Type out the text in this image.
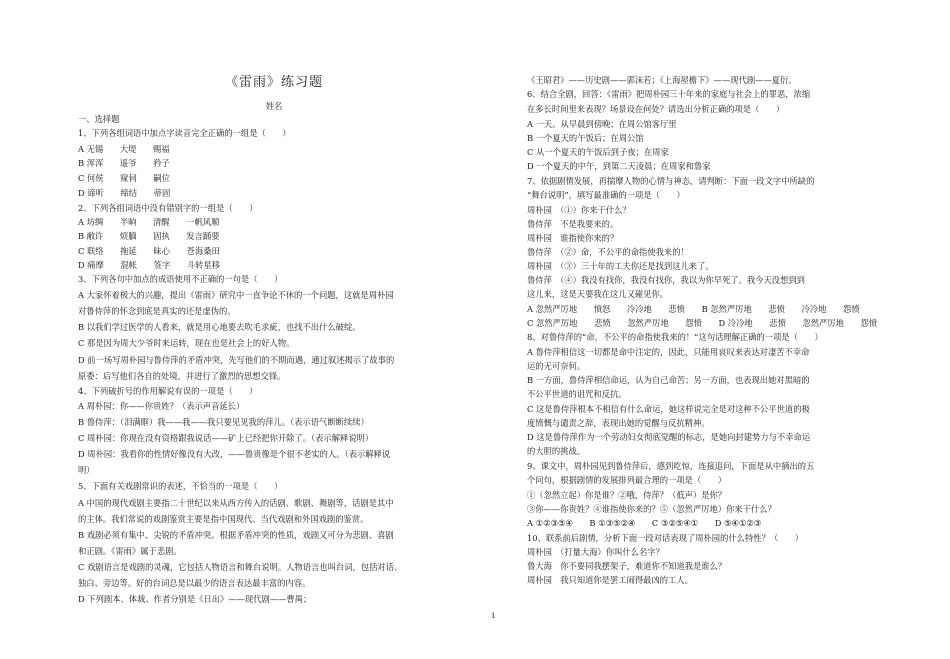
《雷雨》练习题
姓名
一、选择题
1、下列各组词语中加点字读音完全正确的一组是（　　）
A 无锡　　大堤　　赐福
B 浑浑　　遥爷　　矜子
C 何侯　　窥伺　　嗣位
D 谛听　　缔结　　蒂固
2、下列各组词语中没有错别字的一组是（　　）
A 坊绸　　半晌　　清醒　　一帆风顺
B 敝许　　烦腼　　固执　　发言踊要
C 联络　　拖延　　昧心　　苍海桑田
D 痛摩　　混帐　　签字　　斗转星移
3、下列各句中加点的成语使用不正确的一句是（　　）
A 大家怀着极大的兴趣，提出《雷雨》研究中一直争论不休的一个问题，这就是周朴园
对鲁侍萍的怀念到底是真实的还是虚伪的。
B 以我们学过医学的人看来，就是用心地要去吹毛求疵，也找不出什么破绽。
C 那是因为周大少爷时来运转，现在也是社会上的好人物。
D 前一场写周朴园与鲁侍萍的矛盾冲突，先写他们的不期而遇，通过叙述揭示了故事的
原委：后写他们各自的处境，并进行了激烈的思想交锋。
4、下列破折号的作用解说有误的一项是（　　）
A 周朴园：你——你贵姓？（表示声音延长）
B 鲁侍萍：（泪满眶）我——我——我只要见见我的萍儿。（表示语气断断续续）
C 周朴园：你现在没有资格跟我说话——矿上已经把你开除了。（表示解释说明）
D 周朴园：我看你的性情好像没有大改，——鲁贵像是个很不老实的人。（表示解释说
明）
5、下面有关戏剧常识的表述，不恰当的一项是（　　）
A 中国的现代戏剧主要指二十世纪以来从西方传入的话剧、歌剧、舞剧等，话剧是其中
的主体。我们常说的戏剧鉴赏主要是指中国现代、当代戏剧和外国戏剧的鉴赏。
B 戏剧必须有集中、尖锐的矛盾冲突。根据矛盾冲突的性质，戏剧又可分为悲剧、喜剧
和正剧。《雷雨》属于悲剧。
C 戏剧语言是戏剧的灵魂，它包括人物语言和舞台说明。人物语言也叫台词，包括对话、
独白、旁边等。好的台词总是以最少的语言表达最丰富的内容。
D 下列剧本、体裁、作者分别是《日出》——现代剧——曹禺；
《王昭君》——历史剧——郭沫若；《上海屋檐下》——现代剧——夏衍。
6、结合全剧，回答：《雷雨》把周朴园三十年来的家庭与社会上的罪恶，浓缩
在多长时间里来表现？场景设在何处？请选出分析正确的项是（　　）
A 一天。从早晨到傍晚；在周公馆客厅里
B 一个夏天的午饭后；在周公馆
C 从一个夏天的午饭后到子夜；在周家
D 一个夏天的中午，到第二天凌晨；在周家和鲁家
7、依据剧情发展，再揣摩人物的心情与神态，请判断：下面一段文字中所缺的
“舞台说明”，填写最准确的一项是（　　）
周朴园　（①）你来干什么？
鲁侍萍　不是我要来的。
周朴园　谁指使你来的？
鲁侍萍　（②）命，不公平的命指使我来的！
周朴园　（③）三十年的工夫你还是找到这儿来了。
鲁侍萍　（④）我没有找你，我没有找你，我以为你早死了。我今天没想到到
这儿来，这是天要我在这儿又碰见你。
A 忽然严厉地　　愤怒　　冷冷地　　悲愤　　B 忽然严厉地　　悲愤　　冷冷地　　怨愤
C 忽然严厉地　　悲愤　　忽然严厉地　　怨愤　　D 冷冷地　　悲愤　　忽然严厉地　　怨愤
8、对鲁侍萍的“命，不公平的命指使我来的！”这句话理解正确的一项是（　　）
A 鲁侍萍相信这一切都是命中注定的，因此，只能用哀叹来表达对凄苦不幸命
运的无可奈何。
B 一方面，鲁侍萍相信命运，认为自己命苦；另一方面，也表现出她对黑暗的
不公平世道的诅咒和反抗。
C 这是鲁侍萍根本不相信有什么命运，她这样说完全是对这种不公平世道的极
度愤慨与谴责之辞，表现出她的觉醒与反抗精神。
D 这是鲁侍萍作为一个劳动妇女彻底觉醒的标志，是她向封建势力与不幸命运
的大胆的挑战。
9、课文中，周朴园见到鲁侍萍后，感到吃惊，连接追问，下面是从中摘出的五
个问句，根据剧情的发展排列最合理的一项是（　　）
①（忽然立起）你是谁？②哦，侍萍？（低声）是你？
③你——你贵姓？④谁指使你来的？⑤（忽然严厉地）你来干什么？
A ①②③⑤④　　B ①③⑤②④　　C ③②⑤④①　　D ⑤④①②③
10、联系前后剧情，分析下面一段对话表现了周朴园的什么特性？（　　）
周朴园　（打量大海）你叫什么名字？
鲁大海　你不要同我摆架子，难道你不知道我是谁么？
周朴园　我只知道你是罢工闹得最凶的工人。
1
